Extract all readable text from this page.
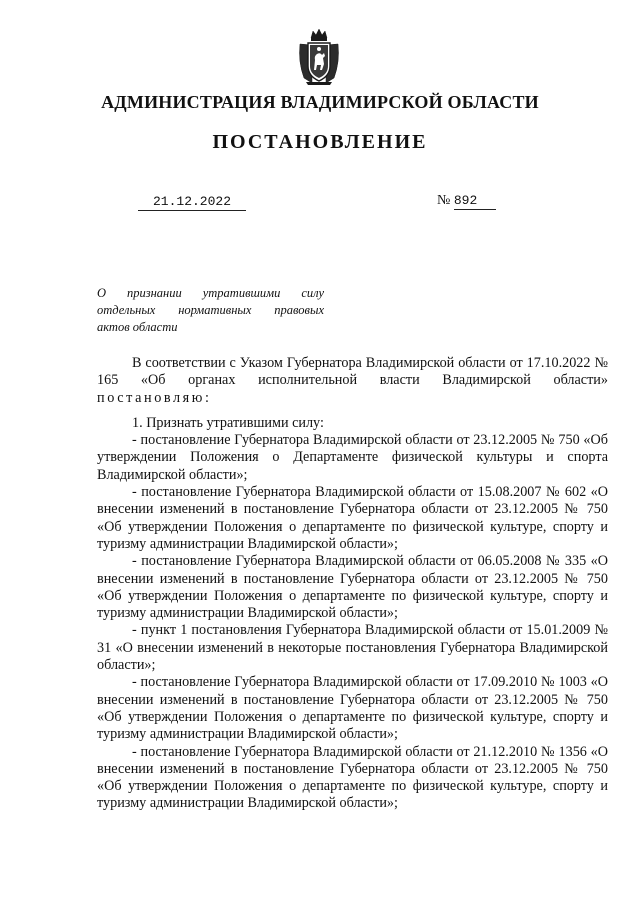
АДМИНИСТРАЦИЯ ВЛАДИМИРСКОЙ ОБЛАСТИ
ПОСТАНОВЛЕНИЕ
21.12.2022	№ 892
О признании утратившими силу
отдельных нормативных правовых
актов области

В соответствии с Указом Губернатора Владимирской области от 17.10.2022 № 165 «Об органах исполнительной власти Владимирской области» постановляю:

1. Признать утратившими силу:

- постановление Губернатора Владимирской области от 23.12.2005 № 750 «Об утверждении Положения о Департаменте физической культуры и спорта Владимирской области»;

- постановление Губернатора Владимирской области от 15.08.2007 № 602 «О внесении изменений в постановление Губернатора области от 23.12.2005 № 750 «Об утверждении Положения о департаменте по физической культуре, спорту и туризму администрации Владимирской области»;

- постановление Губернатора Владимирской области от 06.05.2008 № 335 «О внесении изменений в постановление Губернатора области от 23.12.2005 № 750 «Об утверждении Положения о департаменте по физической культуре, спорту и туризму администрации Владимирской области»;

- пункт 1 постановления Губернатора Владимирской области от 15.01.2009 № 31 «О внесении изменений в некоторые постановления Губернатора Владимирской области»;

- постановление Губернатора Владимирской области от 17.09.2010 № 1003 «О внесении изменений в постановление Губернатора области от 23.12.2005 № 750 «Об утверждении Положения о департаменте по физической культуре, спорту и туризму администрации Владимирской области»;

- постановление Губернатора Владимирской области от 21.12.2010 № 1356 «О внесении изменений в постановление Губернатора области от 23.12.2005 № 750 «Об утверждении Положения о департаменте по физической культуре, спорту и туризму администрации Владимирской области»;
